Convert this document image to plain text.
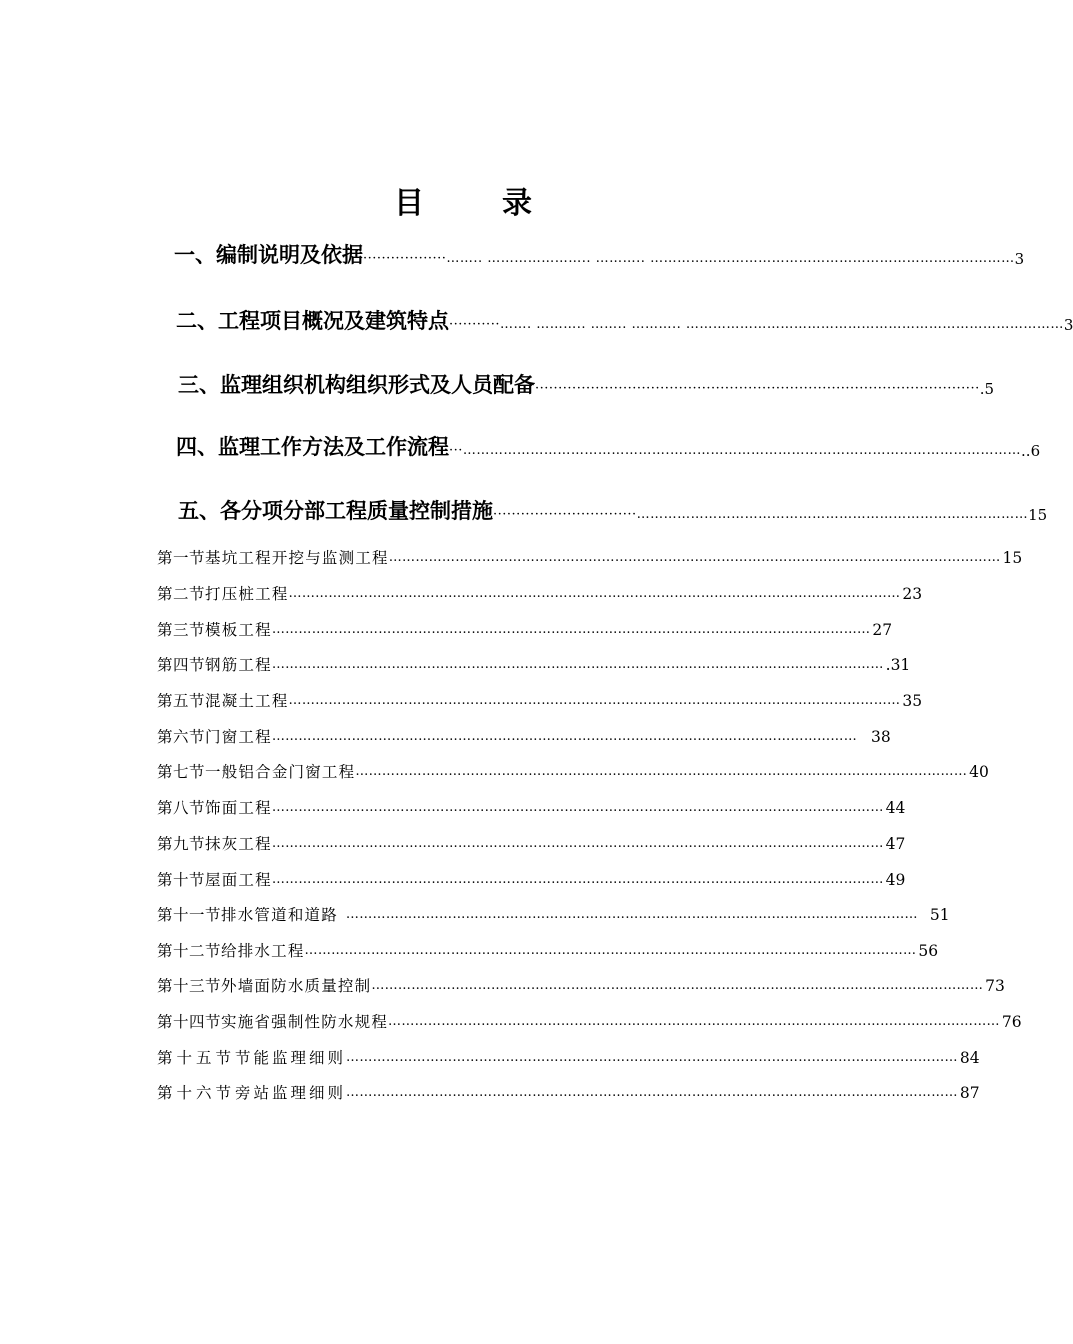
目　录
一、编制说明及依据 ··················…….. ………………….. ……….. ……………………………………………………………………… 3
二、工程项目概况及建筑特点 ···········……. ……….. …….. ……….. ………………………………………………………………………… 3
三、监理组织机构组织形式及人员配备 ································································································ .5
四、监理工作方法及工作流程 ···……………………………………….…………………………………………………………………… ..6
五、各分项分部工程质量控制措施 ·······························…………………………………………………………………………… 15
第一节 基坑工程开挖与监测工程 ………………………………………………………………………………………………………………………… 15
第二节 打压桩工程 ………………………………………………………………………………………………………………………… 23
第三节 模板工程 ……………………………………………………………………………………………………………………… 27
第四节 钢筋工程 ………………………………………………………………………………………………………………………… .31
第五节 混凝土工程 ………………………………………………………………………………………………………………………… 35
第六节 门窗工程 …………………………………………………………………………………………………………………… 38
第七节 一般铝合金门窗工程 ………………………………………………………………………………………………………………………… 40
第八节 饰面工程 ………………………………………………………………………………………………………………………… 44
第九节 抹灰工程 ………………………………………………………………………………………………………………………… 47
第十节 屋面工程 ………………………………………………………………………………………………………………………… 49
第十一节 排水管道和道路 ………………………………………………………………………………………………………………… 51
第十二节 给排水工程 ………………………………………………………………………………………………………………………… 56
第十三节 外墙面防水质量控制 ………………………………………………………………………………………………………………………… 73
第十四节 实施省强制性防水规程 ………………………………………………………………………………………………………………………… 76
第十五节 节能监理细则 ………………………………………………………………………………………………………………………… 84
第十六节 旁站监理细则 ………………………………………………………………………………………………………………………… 87
